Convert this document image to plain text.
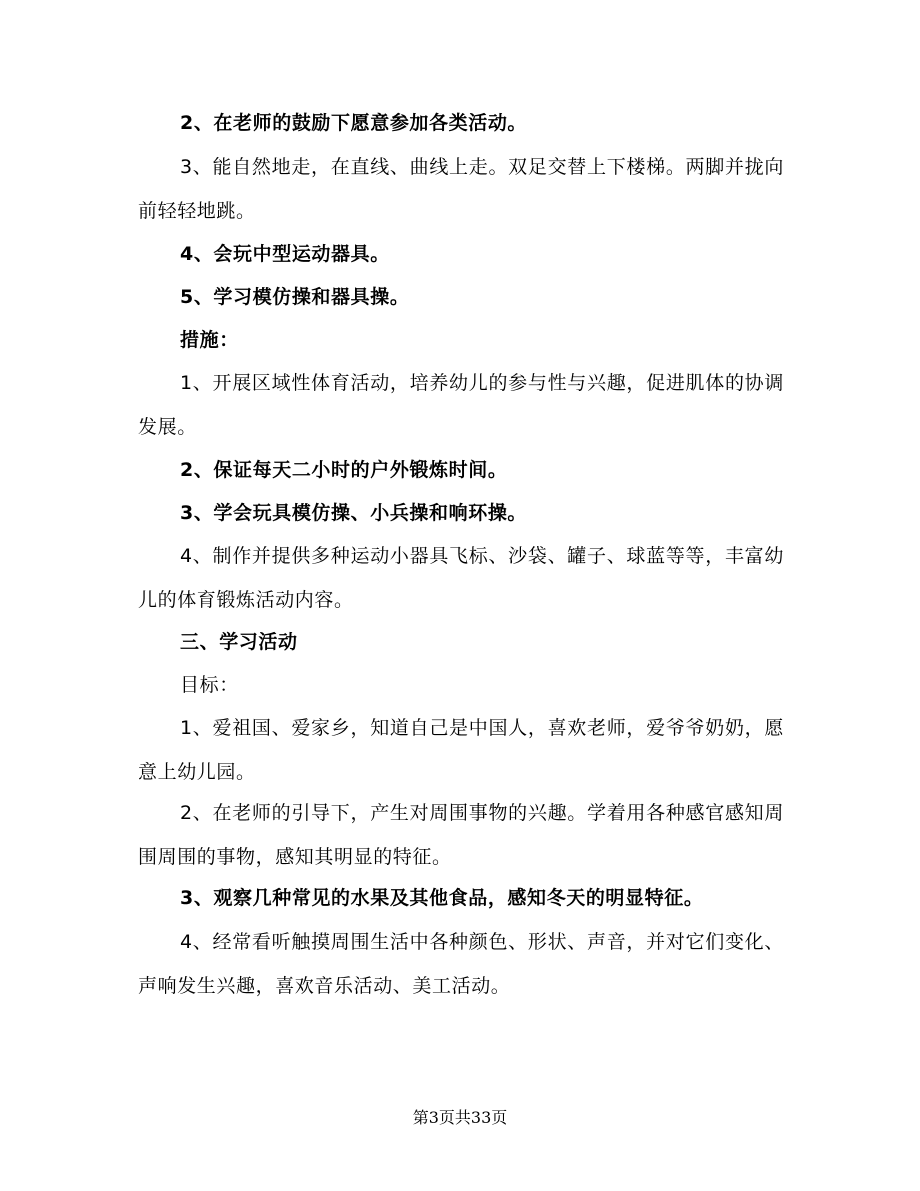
2、在老师的鼓励下愿意参加各类活动。

3、能自然地走，在直线、曲线上走。双足交替上下楼梯。两脚并拢向前轻轻地跳。

4、会玩中型运动器具。

5、学习模仿操和器具操。

措施：

1、开展区域性体育活动，培养幼儿的参与性与兴趣，促进肌体的协调发展。

2、保证每天二小时的户外锻炼时间。

3、学会玩具模仿操、小兵操和响环操。

4、制作并提供多种运动小器具飞标、沙袋、罐子、球蓝等等，丰富幼儿的体育锻炼活动内容。

三、学习活动

目标：

1、爱祖国、爱家乡，知道自己是中国人，喜欢老师，爱爷爷奶奶，愿意上幼儿园。

2、在老师的引导下，产生对周围事物的兴趣。学着用各种感官感知周围周围的事物，感知其明显的特征。

3、观察几种常见的水果及其他食品，感知冬天的明显特征。

4、经常看听触摸周围生活中各种颜色、形状、声音，并对它们变化、声响发生兴趣，喜欢音乐活动、美工活动。

第3页共33页
